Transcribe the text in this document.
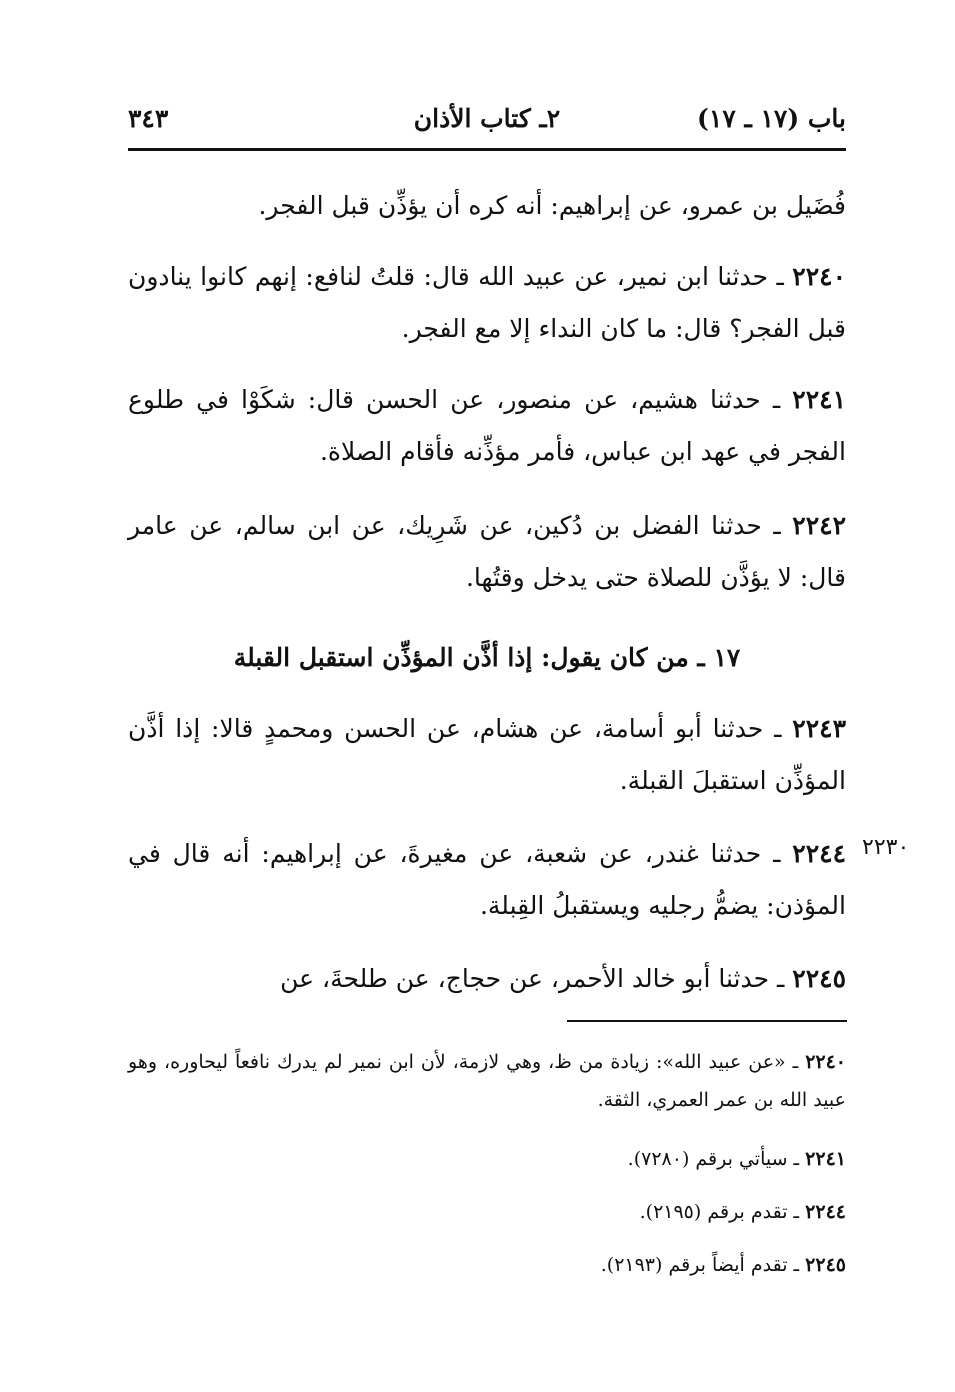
٢ـ كتاب الأذان	باب (١٧ ـ ١٧)
٣٤٣
فُضَيل بن عمرو، عن إبراهيم: أنه كره أن يؤذِّن قبل الفجر.
٢٢٤٠ ـ حدثنا ابن نمير، عن عبيد الله قال: قلتُ لنافع: إنهم كانوا ينادون قبل الفجر؟ قال: ما كان النداء إلا مع الفجر.
٢٢٤١ ـ حدثنا هشيم، عن منصور، عن الحسن قال: شكَوْا في طلوع الفجر في عهد ابن عباس، فأمر مؤذِّنه فأقام الصلاة.
٢٢٤٢ ـ حدثنا الفضل بن دُكين، عن شَرِيك، عن ابن سالم، عن عامر قال: لا يؤذَّن للصلاة حتى يدخل وقتُها.
١٧ ـ من كان يقول: إذا أذَّن المؤذِّن استقبل القبلة
٢٢٤٣ ـ حدثنا أبو أسامة، عن هشام، عن الحسن ومحمدٍ قالا: إذا أذَّن المؤذِّن استقبلَ القبلة.
٢٢٣٠
٢٢٤٤ ـ حدثنا غندر، عن شعبة، عن مغيرةَ، عن إبراهيم: أنه قال في المؤذن: يضمُّ رجليه ويستقبلُ القِبلة.
٢٢٤٥ ـ حدثنا أبو خالد الأحمر، عن حجاج، عن طلحةَ، عن
٢٢٤٠ ـ «عن عبيد الله»: زيادة من ظ، وهي لازمة، لأن ابن نمير لم يدرك نافعاً ليحاوره، وهو عبيد الله بن عمر العمري، الثقة.
٢٢٤١ ـ سيأتي برقم (٧٢٨٠).
٢٢٤٤ ـ تقدم برقم (٢١٩٥).
٢٢٤٥ ـ تقدم أيضاً برقم (٢١٩٣).
